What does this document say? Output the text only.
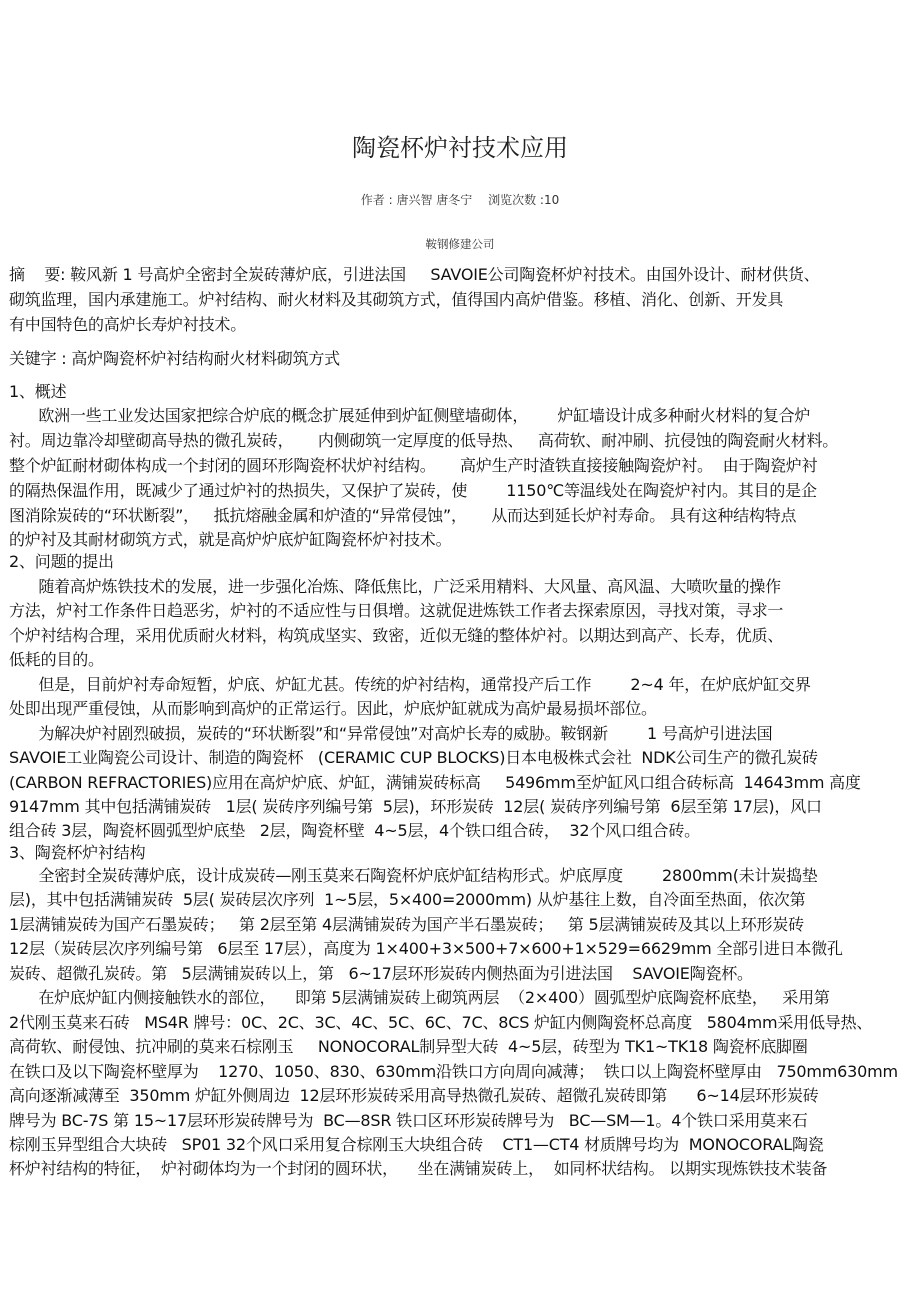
陶瓷杯炉衬技术应用
作者 : 唐兴智 唐冬宁 浏览次数 :10
鞍钢修建公司
摘    要: 鞍风新 1 号高炉全密封全炭砖薄炉底，引进法国     SAVOIE公司陶瓷杯炉衬技术。由国外设计、耐材供货、
砌筑监理，国内承建施工。炉衬结构、耐火材料及其砌筑方式，值得国内高炉借鉴。移植、消化、创新、开发具
有中国特色的高炉长寿炉衬技术。
关键字 : 高炉陶瓷杯炉衬结构耐火材料砌筑方式
1、概述
欧洲一些工业发达国家把综合炉底的概念扩展延伸到炉缸侧壁墙砌体，      炉缸墙设计成多种耐火材料的复合炉
衬。周边靠冷却壁砌高导热的微孔炭砖，     内侧砌筑一定厚度的低导热、   高荷软、耐冲刷、抗侵蚀的陶瓷耐火材料。
整个炉缸耐材砌体构成一个封闭的圆环形陶瓷杯状炉衬结构。     高炉生产时渣铁直接接触陶瓷炉衬。  由于陶瓷炉衬
的隔热保温作用，既减少了通过炉衬的热损失，又保护了炭砖，使        1150℃等温线处在陶瓷炉衬内。其目的是企
图消除炭砖的“环状断裂”，   抵抗熔融金属和炉渣的“异常侵蚀”，     从而达到延长炉衬寿命。 具有这种结构特点
的炉衬及其耐材砌筑方式，就是高炉炉底炉缸陶瓷杯炉衬技术。
2、问题的提出
随着高炉炼铁技术的发展，进一步强化冶炼、降低焦比，广泛采用精料、大风量、高风温、大喷吹量的操作
方法，炉衬工作条件日趋恶劣，炉衬的不适应性与日俱增。这就促进炼铁工作者去探索原因，寻找对策，寻求一
个炉衬结构合理，采用优质耐火材料，构筑成坚实、致密，近似无缝的整体炉衬。以期达到高产、长寿，优质、
低耗的目的。
但是，目前炉衬寿命短暂，炉底、炉缸尤甚。传统的炉衬结构，通常投产后工作        2~4 年，在炉底炉缸交界
处即出现严重侵蚀，从而影响到高炉的正常运行。因此，炉底炉缸就成为高炉最易损坏部位。
为解决炉衬剧烈破损，炭砖的“环状断裂”和“异常侵蚀”对高炉长寿的威胁。鞍钢新        1 号高炉引进法国
SAVOIE工业陶瓷公司设计、制造的陶瓷杯   (CERAMIC CUP BLOCKS)日本电极株式会社  NDK公司生产的微孔炭砖
(CARBON REFRACTORIES)应用在高炉炉底、炉缸，满铺炭砖标高     5496mm至炉缸风口组合砖标高  14643mm 高度
9147mm 其中包括满铺炭砖   1层( 炭砖序列编号第  5层)，环形炭砖  12层( 炭砖序列编号第  6层至第 17层)，风口
组合砖 3层，陶瓷杯圆弧型炉底垫   2层，陶瓷杯壁  4~5层，4个铁口组合砖，  32个风口组合砖。
3、陶瓷杯炉衬结构
全密封全炭砖薄炉底，设计成炭砖—刚玉莫来石陶瓷杯炉底炉缸结构形式。炉底厚度        2800mm(未计炭捣垫
层)，其中包括满铺炭砖  5层( 炭砖层次序列  1~5层，5×400=2000mm) 从炉基往上数，自冷面至热面，依次第
1层满铺炭砖为国产石墨炭砖；   第 2层至第 4层满铺炭砖为国产半石墨炭砖；   第 5层满铺炭砖及其以上环形炭砖
12层（炭砖层次序列编号第   6层至 17层），高度为 1×400+3×500+7×600+1×529=6629mm 全部引进日本微孔
炭砖、超微孔炭砖。第   5层满铺炭砖以上，第   6~17层环形炭砖内侧热面为引进法国    SAVOIE陶瓷杯。
在炉底炉缸内侧接触铁水的部位，    即第 5层满铺炭砖上砌筑两层  （2×400）圆弧型炉底陶瓷杯底垫，   采用第
2代刚玉莫来石砖   MS4R 牌号：0C、2C、3C、4C、5C、6C、7C、8CS 炉缸内侧陶瓷杯总高度   5804mm采用低导热、
高荷软、耐侵蚀、抗冲刷的莫来石棕刚玉     NONOCORAL制异型大砖  4~5层，砖型为 TK1~TK18 陶瓷杯底脚圈
在铁口及以下陶瓷杯壁厚为    1270、1050、830、630mm沿铁口方向周向减薄；  铁口以上陶瓷杯壁厚由   750mm630mm
高向逐渐减薄至  350mm 炉缸外侧周边  12层环形炭砖采用高导热微孔炭砖、超微孔炭砖即第      6~14层环形炭砖
牌号为 BC-7S 第 15~17层环形炭砖牌号为  BC—8SR 铁口区环形炭砖牌号为   BC—SM—1。4个铁口采用莫来石
棕刚玉异型组合大块砖   SP01 32个风口采用复合棕刚玉大块组合砖    CT1—CT4 材质牌号均为  MONOCORAL陶瓷
杯炉衬结构的特征，  炉衬砌体均为一个封闭的圆环状，    坐在满铺炭砖上，  如同杯状结构。 以期实现炼铁技术装备
